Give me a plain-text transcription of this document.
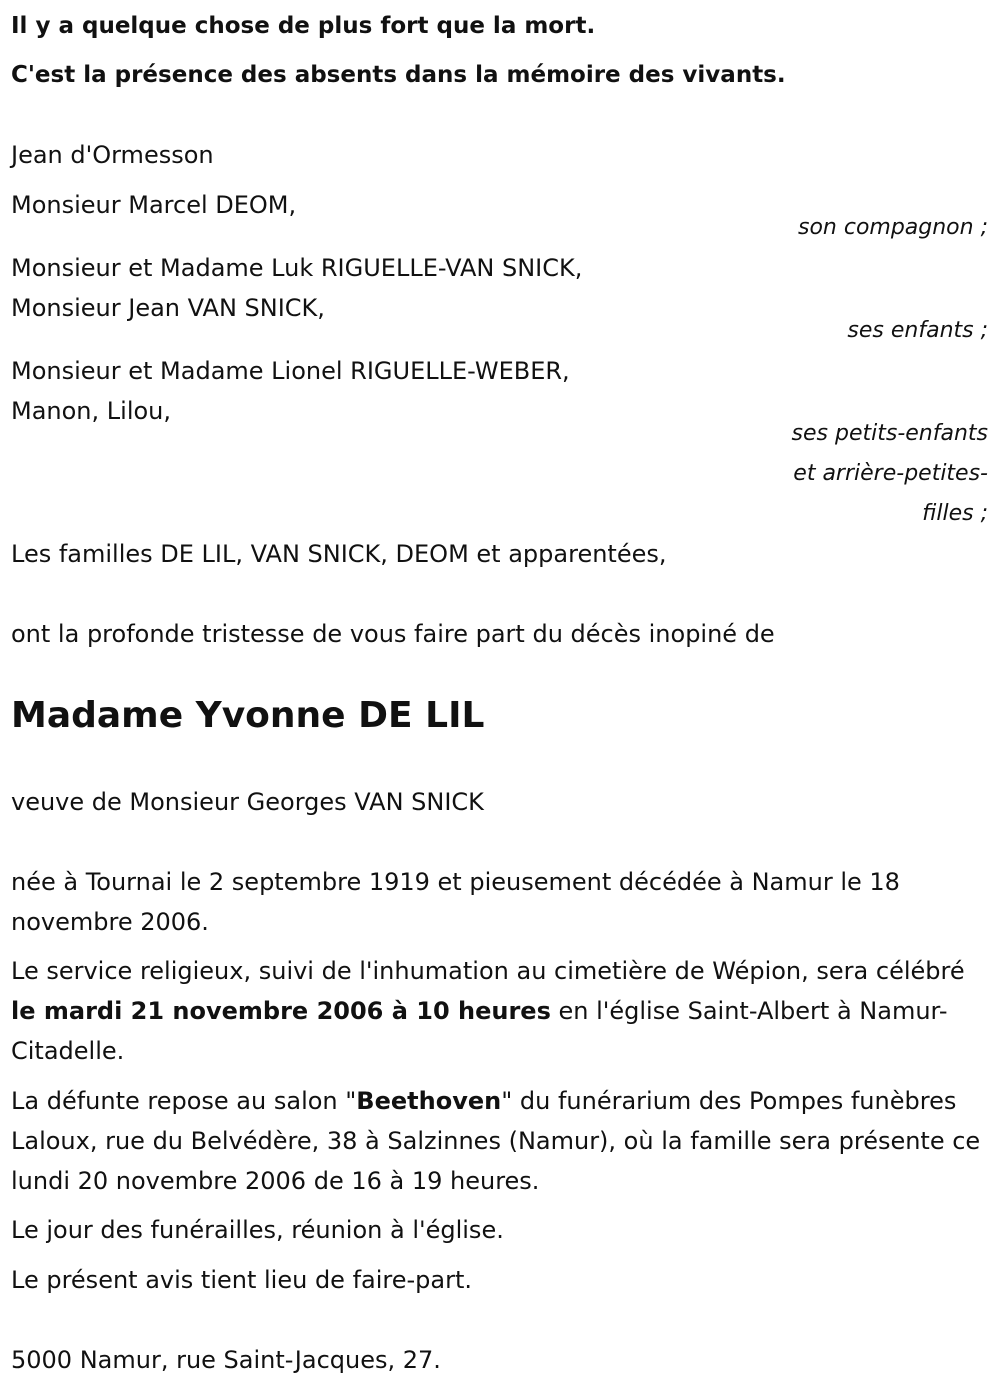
Il y a quelque chose de plus fort que la mort.
C'est la présence des absents dans la mémoire des vivants.
Jean d'Ormesson
Monsieur Marcel DEOM,
son compagnon ;
Monsieur et Madame Luk RIGUELLE-VAN SNICK,
Monsieur Jean VAN SNICK,
ses enfants ;
Monsieur et Madame Lionel RIGUELLE-WEBER,
Manon, Lilou,
ses petits-enfants
et arrière-petites-
filles ;
Les familles DE LIL, VAN SNICK, DEOM et apparentées,
ont la profonde tristesse de vous faire part du décès inopiné de
Madame Yvonne DE LIL
veuve de Monsieur Georges VAN SNICK
née à Tournai le 2 septembre 1919 et pieusement décédée à Namur le 18 novembre 2006.
Le service religieux, suivi de l'inhumation au cimetière de Wépion, sera célébré le mardi 21 novembre 2006 à 10 heures en l'église Saint-Albert à Namur-Citadelle.
La défunte repose au salon "Beethoven" du funérarium des Pompes funèbres Laloux, rue du Belvédère, 38 à Salzinnes (Namur), où la famille sera présente ce lundi 20 novembre 2006 de 16 à 19 heures.
Le jour des funérailles, réunion à l'église.
Le présent avis tient lieu de faire-part.
5000 Namur, rue Saint-Jacques, 27.
